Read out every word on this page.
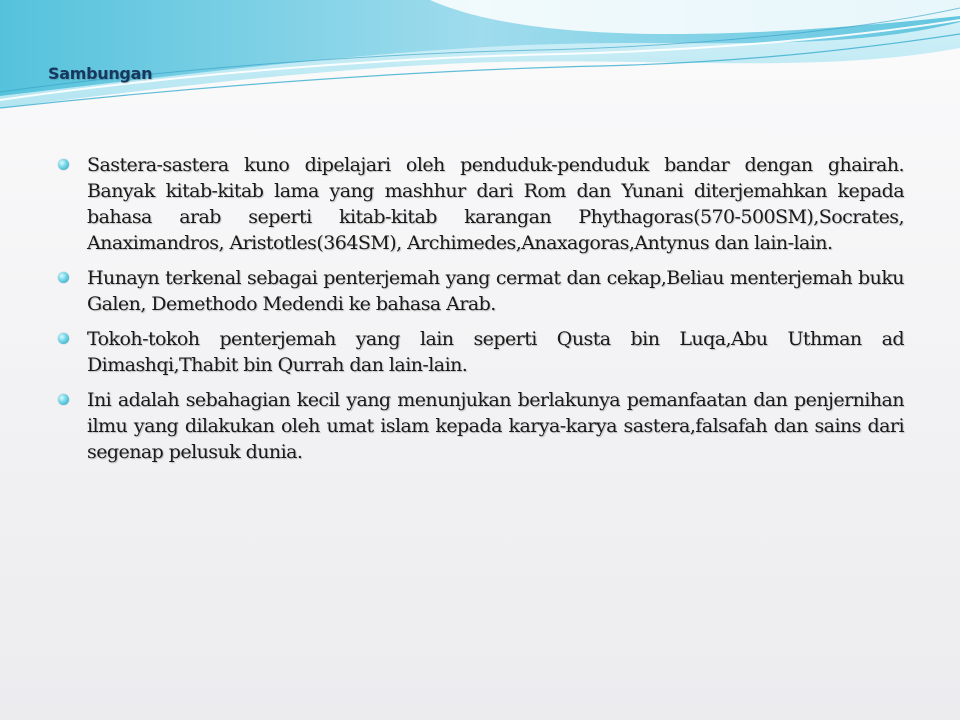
Sambungan
Sastera-sastera kuno dipelajari oleh penduduk-penduduk bandar dengan ghairah. Banyak kitab-kitab lama yang mashhur dari Rom dan Yunani diterjemahkan kepada bahasa arab seperti kitab-kitab karangan Phythagoras(570-500SM),Socrates, Anaximandros, Aristotles(364SM), Archimedes,Anaxagoras,Antynus dan lain-lain.
Hunayn terkenal sebagai penterjemah yang cermat dan cekap,Beliau menterjemah buku Galen, Demethodo Medendi ke bahasa Arab.
Tokoh-tokoh penterjemah yang lain seperti Qusta bin Luqa,Abu Uthman ad Dimashqi,Thabit bin Qurrah dan lain-lain.
Ini adalah sebahagian kecil yang menunjukan berlakunya pemanfaatan dan penjernihan ilmu yang dilakukan oleh umat islam kepada karya-karya sastera,falsafah dan sains dari segenap pelusuk dunia.
